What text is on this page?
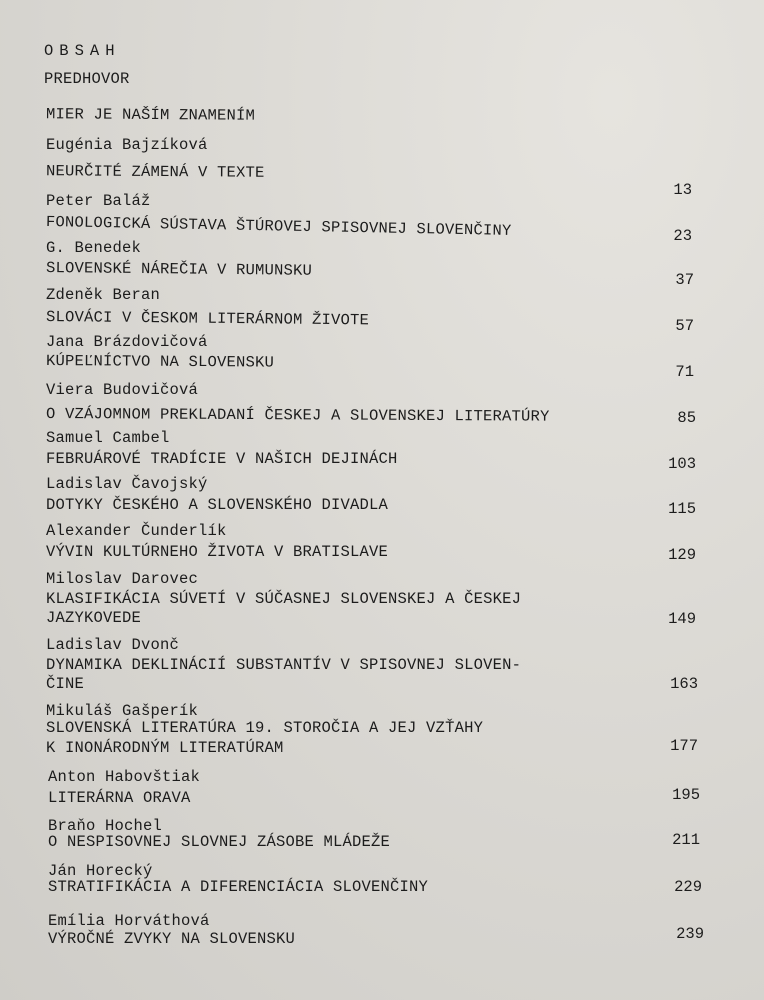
OBSAH
PREDHOVOR
MIER JE NAŠÍM ZNAMENÍM
Eugénia Bajzíková
NEURČITÉ ZÁMENÁ V TEXTE
13
Peter Baláž
FONOLOGICKÁ SÚSTAVA ŠTÚROVEJ SPISOVNEJ SLOVENČINY	23
G. Benedek
SLOVENSKÉ NÁREČIA V RUMUNSKU
37
Zdeněk Beran
SLOVÁCI V ČESKOM LITERÁRNOM ŽIVOTE	57
Jana Brázdovičová
KÚPEĽNÍCTVO NA SLOVENSKU
71
Viera Budovičová
O VZÁJOMNOM PREKLADANÍ ČESKEJ A SLOVENSKEJ LITERATÚRY	85
Samuel Cambel
FEBRUÁROVÉ TRADÍCIE V NAŠICH DEJINÁCH	103
Ladislav Čavojský
DOTYKY ČESKÉHO A SLOVENSKÉHO DIVADLA	115
Alexander Čunderlík
VÝVIN KULTÚRNEHO ŽIVOTA V BRATISLAVE	129
Miloslav Darovec
KLASIFIKÁCIA SÚVETÍ V SÚČASNEJ SLOVENSKEJ A ČESKEJ
JAZYKOVEDE	149
Ladislav Dvonč
DYNAMIKA DEKLINÁCIÍ SUBSTANTÍV V SPISOVNEJ SLOVEN-
ČINE	163
Mikuláš Gašperík
SLOVENSKÁ LITERATÚRA 19. STOROČIA A JEJ VZŤAHY
K INONÁRODNÝM LITERATÚRAM	177
Anton Habovštiak
LITERÁRNA ORAVA	195
Braňo Hochel
O NESPISOVNEJ SLOVNEJ ZÁSOBE MLÁDEŽE	211
Ján Horecký
STRATIFIKÁCIA A DIFERENCIÁCIA SLOVENČINY	229
Emília Horváthová
VÝROČNÉ ZVYKY NA SLOVENSKU	239
